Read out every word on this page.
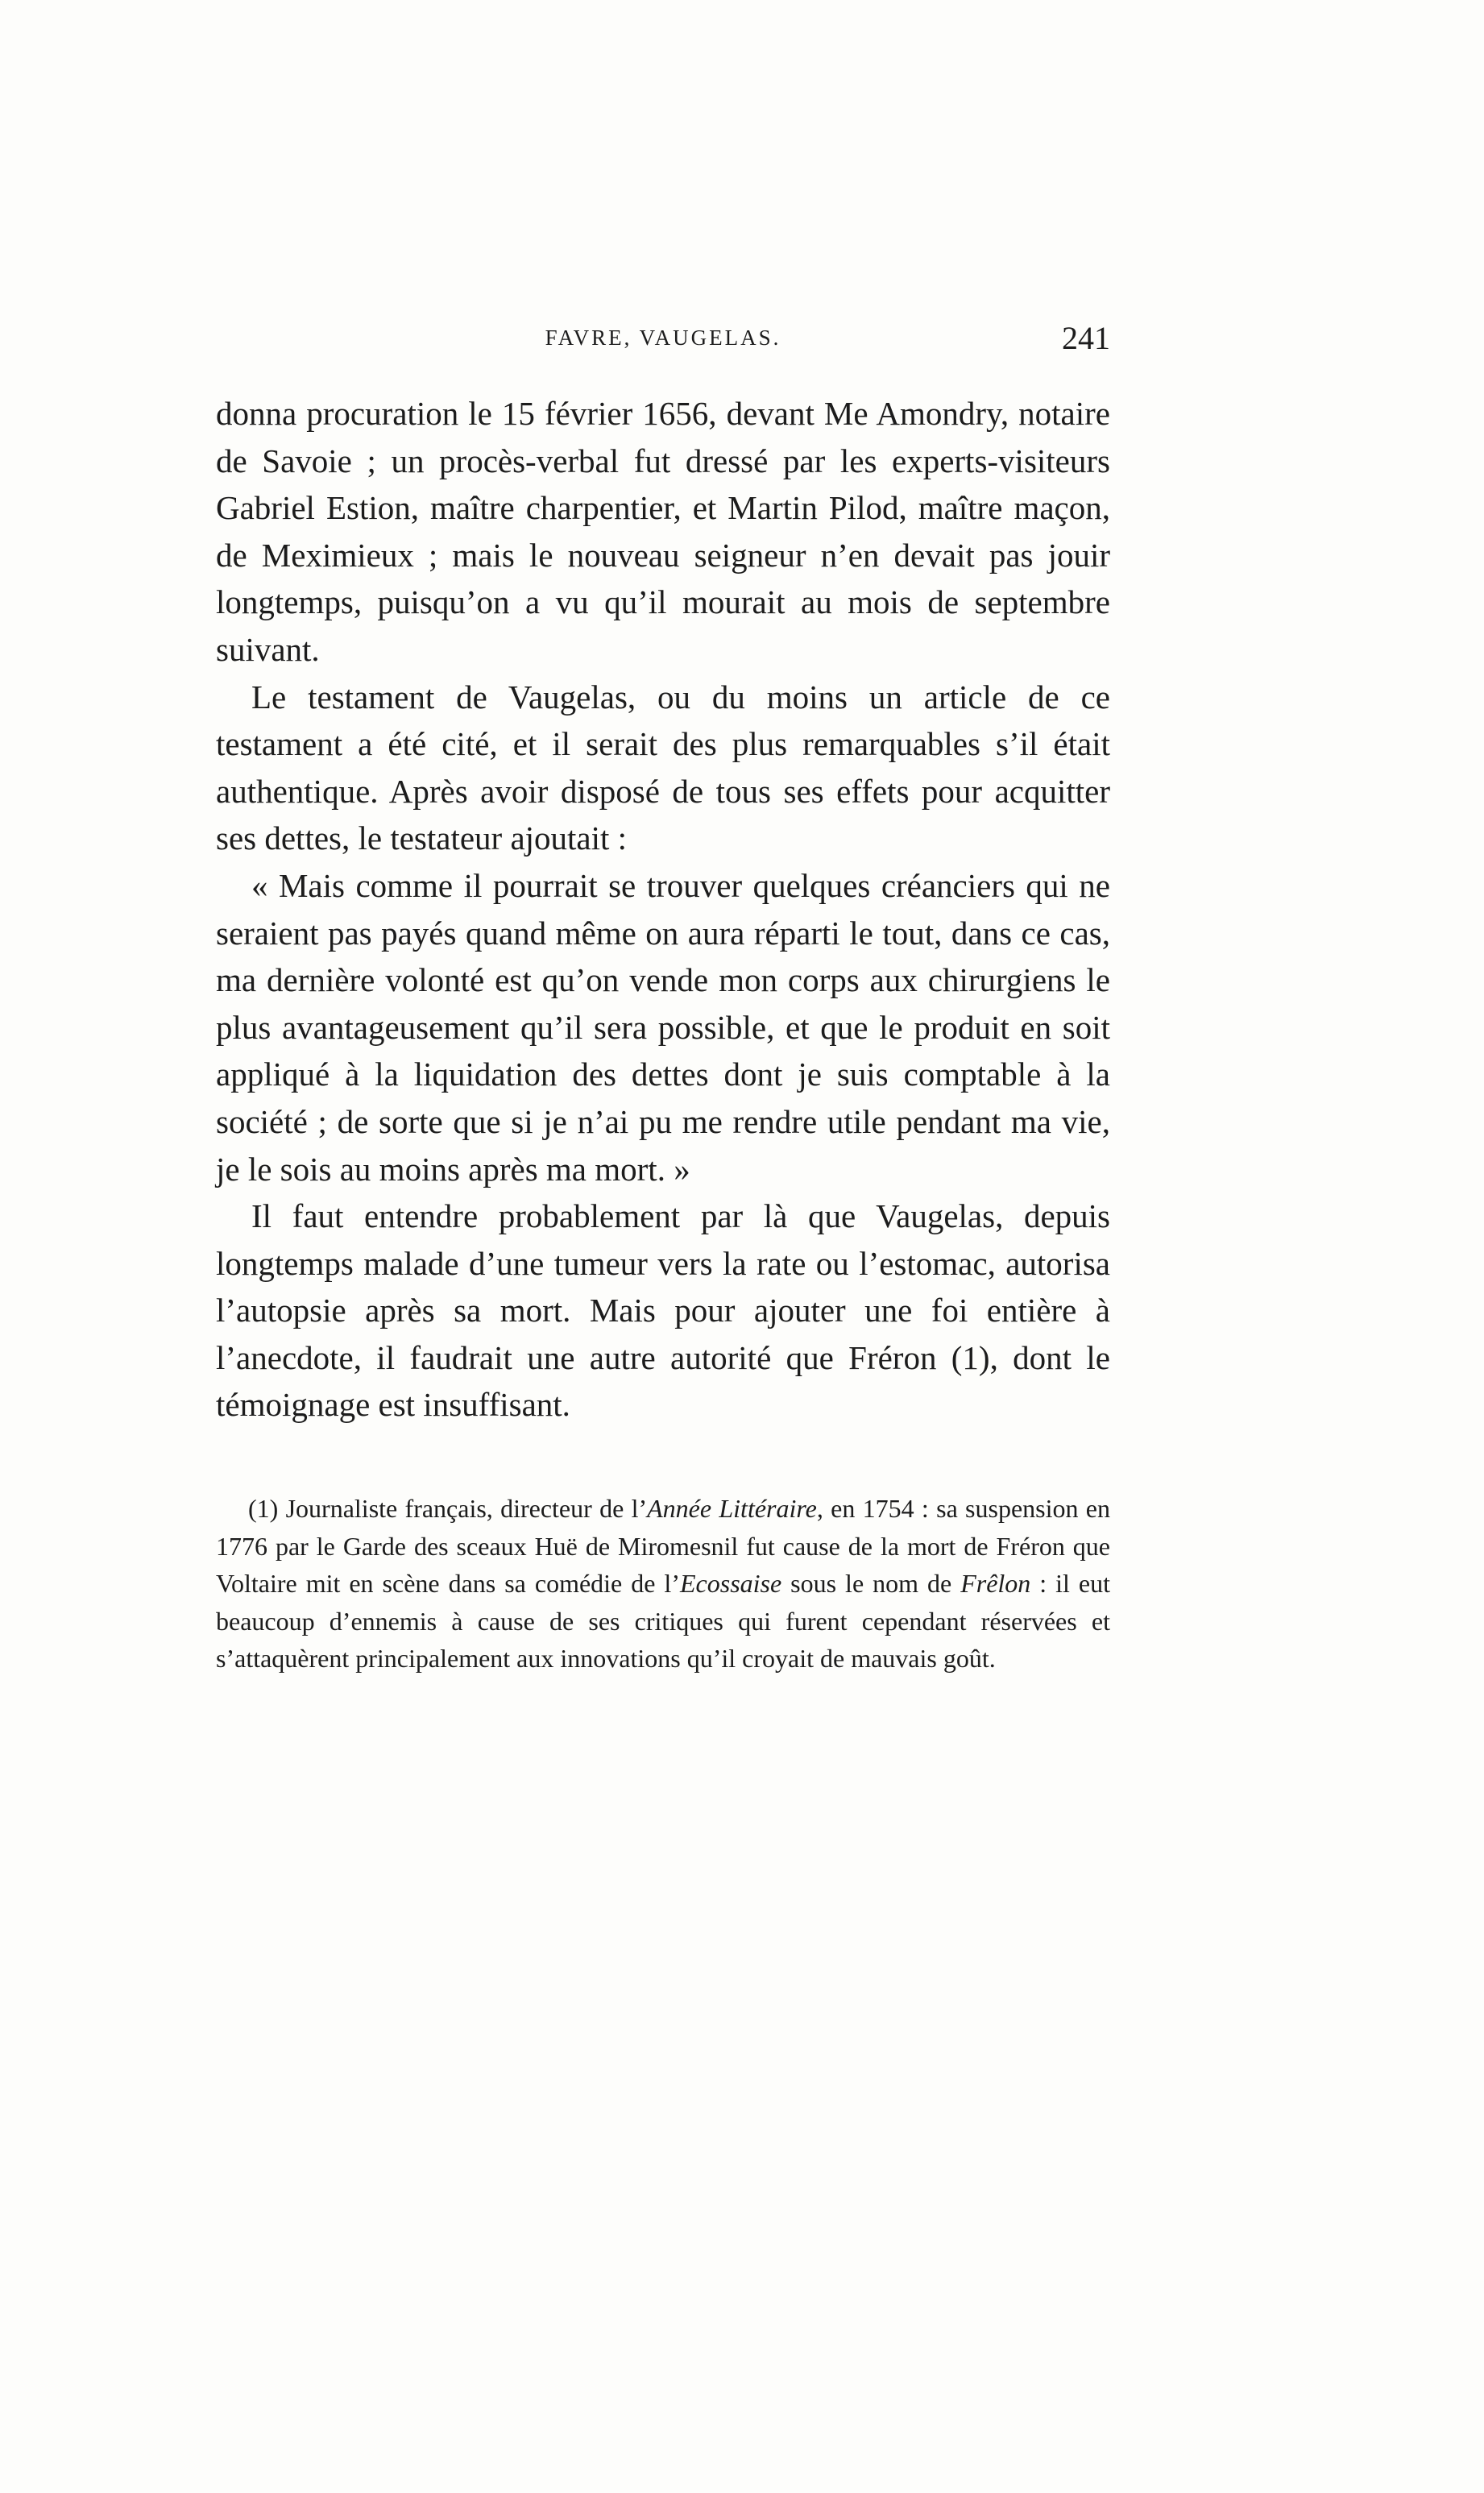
FAVRE, VAUGELAS.	241

donna procuration le 15 février 1656, devant Me Amondry, notaire de Savoie ; un procès-verbal fut dressé par les experts-visiteurs Gabriel Estion, maître charpentier, et Martin Pilod, maître maçon, de Meximieux ; mais le nouveau seigneur n’en devait pas jouir longtemps, puisqu’on a vu qu’il mourait au mois de septembre suivant.

Le testament de Vaugelas, ou du moins un article de ce testament a été cité, et il serait des plus remarquables s’il était authentique. Après avoir disposé de tous ses effets pour acquitter ses dettes, le testateur ajoutait :

« Mais comme il pourrait se trouver quelques créanciers qui ne seraient pas payés quand même on aura réparti le tout, dans ce cas, ma dernière volonté est qu’on vende mon corps aux chirurgiens le plus avantageusement qu’il sera possible, et que le produit en soit appliqué à la liquidation des dettes dont je suis comptable à la société ; de sorte que si je n’ai pu me rendre utile pendant ma vie, je le sois au moins après ma mort. »

Il faut entendre probablement par là que Vaugelas, depuis longtemps malade d’une tumeur vers la rate ou l’estomac, autorisa l’autopsie après sa mort. Mais pour ajouter une foi entière à l’anecdote, il faudrait une autre autorité que Fréron (1), dont le témoignage est insuffisant.

(1) Journaliste français, directeur de l’Année Littéraire, en 1754 : sa suspension en 1776 par le Garde des sceaux Huë de Miromesnil fut cause de la mort de Fréron que Voltaire mit en scène dans sa comédie de l’Ecossaise sous le nom de Frêlon : il eut beaucoup d’ennemis à cause de ses critiques qui furent cependant réservées et s’attaquèrent principalement aux innovations qu’il croyait de mauvais goût.
